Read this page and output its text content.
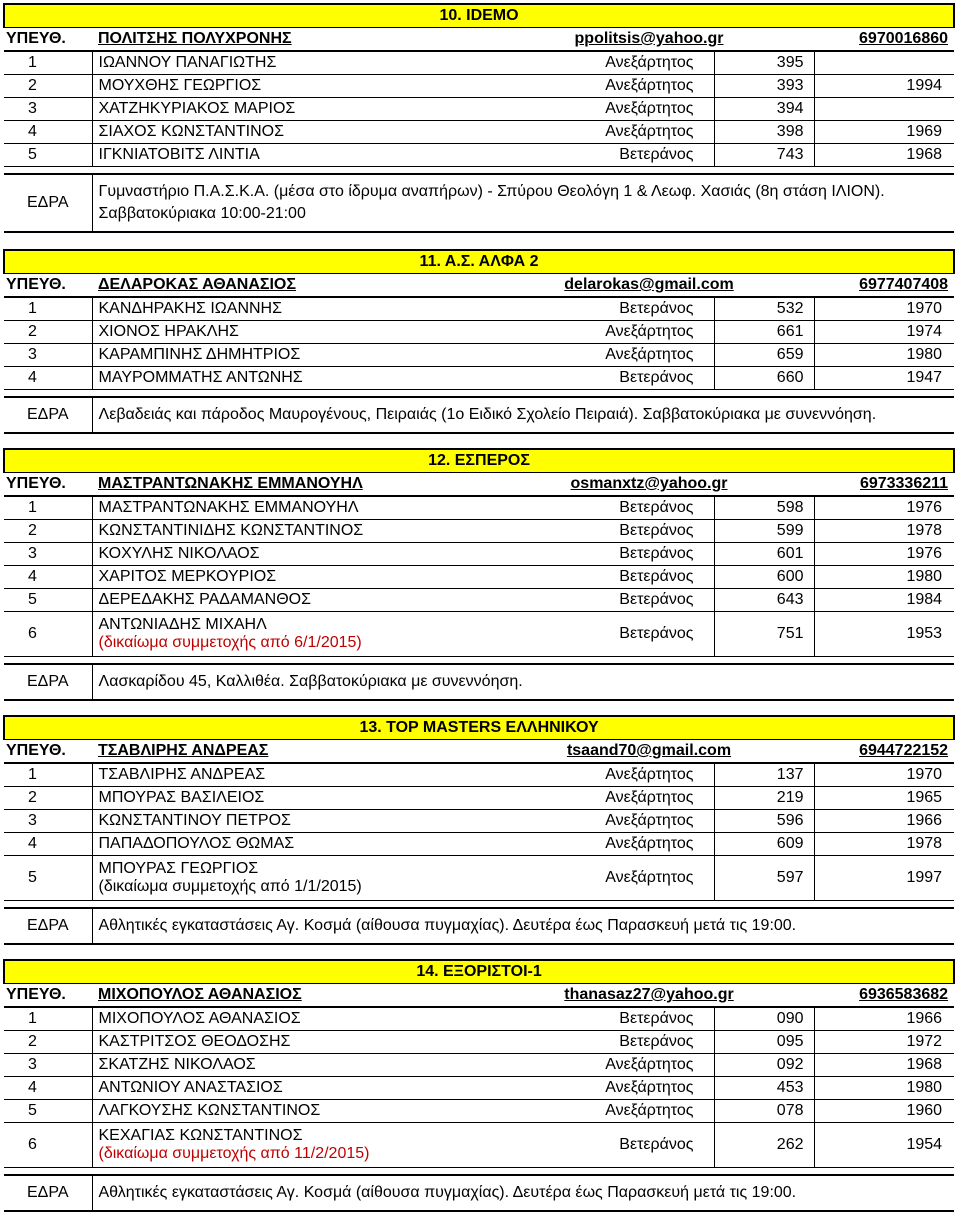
10. IDEMO				
ΥΠΕΥΘ.	ΠΟΛΙΤΣΗΣ ΠΟΛΥΧΡΟΝΗΣ	ppolitsis@yahoo.gr		6970016860
1	ΙΩΑΝΝΟΥ ΠΑΝΑΓΙΩΤΗΣ	Ανεξάρτητος	395	
2	ΜΟΥΧΘΗΣ ΓΕΩΡΓΙΟΣ	Ανεξάρτητος	393	1994
3	ΧΑΤΖΗΚΥΡΙΑΚΟΣ ΜΑΡΙΟΣ	Ανεξάρτητος	394	
4	ΣΙΑΧΟΣ ΚΩΝΣΤΑΝΤΙΝΟΣ	Ανεξάρτητος	398	1969
5	ΙΓΚΝΙΑΤΟΒΙΤΣ ΛΙΝΤΙΑ	Βετεράνος	743	1968

ΕΔΡΑ	Γυμναστήριο Π.Α.Σ.Κ.Α. (μέσα στο ίδρυμα αναπήρων) - Σπύρου Θεολόγη 1 & Λεωφ. Χασιάς (8η στάση ΙΛΙΟΝ). Σαββατοκύριακα 10:00-21:00			
11. Α.Σ. ΑΛΦΑ 2				
ΥΠΕΥΘ.	ΔΕΛΑΡΟΚΑΣ ΑΘΑΝΑΣΙΟΣ	delarokas@gmail.com		6977407408
1	ΚΑΝΔΗΡΑΚΗΣ ΙΩΑΝΝΗΣ	Βετεράνος	532	1970
2	ΧΙΟΝΟΣ ΗΡΑΚΛΗΣ	Ανεξάρτητος	661	1974
3	ΚΑΡΑΜΠΙΝΗΣ ΔΗΜΗΤΡΙΟΣ	Ανεξάρτητος	659	1980
4	ΜΑΥΡΟΜΜΑΤΗΣ ΑΝΤΩΝΗΣ	Βετεράνος	660	1947

ΕΔΡΑ	Λεβαδειάς και πάροδος Μαυρογένους, Πειραιάς (1ο Ειδικό Σχολείο Πειραιά). Σαββατοκύριακα με συνεννόηση.			
12. ΕΣΠΕΡΟΣ				
ΥΠΕΥΘ.	ΜΑΣΤΡΑΝΤΩΝΑΚΗΣ ΕΜΜΑΝΟΥΗΛ	osmanxtz@yahoo.gr		6973336211
1	ΜΑΣΤΡΑΝΤΩΝΑΚΗΣ ΕΜΜΑΝΟΥΗΛ	Βετεράνος	598	1976
2	ΚΩΝΣΤΑΝΤΙΝΙΔΗΣ ΚΩΝΣΤΑΝΤΙΝΟΣ	Βετεράνος	599	1978
3	ΚΟΧΥΛΗΣ ΝΙΚΟΛΑΟΣ	Βετεράνος	601	1976
4	ΧΑΡΙΤΟΣ ΜΕΡΚΟΥΡΙΟΣ	Βετεράνος	600	1980
5	ΔΕΡΕΔΑΚΗΣ ΡΑΔΑΜΑΝΘΟΣ	Βετεράνος	643	1984
6	ΑΝΤΩΝΙΑΔΗΣ ΜΙΧΑΗΛ
(δικαίωμα συμμετοχής από 6/1/2015)	Βετεράνος	751	1953

ΕΔΡΑ	Λασκαρίδου 45, Καλλιθέα. Σαββατοκύριακα με συνεννόηση.			
13. TOP MASTERS ΕΛΛΗΝΙΚΟΥ				
ΥΠΕΥΘ.	ΤΣΑΒΛΙΡΗΣ ΑΝΔΡΕΑΣ	tsaand70@gmail.com		6944722152
1	ΤΣΑΒΛΙΡΗΣ ΑΝΔΡΕΑΣ	Ανεξάρτητος	137	1970
2	ΜΠΟΥΡΑΣ ΒΑΣΙΛΕΙΟΣ	Ανεξάρτητος	219	1965
3	ΚΩΝΣΤΑΝΤΙΝΟΥ ΠΕΤΡΟΣ	Ανεξάρτητος	596	1966
4	ΠΑΠΑΔΟΠΟΥΛΟΣ ΘΩΜΑΣ	Ανεξάρτητος	609	1978
5	ΜΠΟΥΡΑΣ ΓΕΩΡΓΙΟΣ
(δικαίωμα συμμετοχής από 1/1/2015)	Ανεξάρτητος	597	1997

ΕΔΡΑ	Αθλητικές εγκαταστάσεις Αγ. Κοσμά (αίθουσα πυγμαχίας). Δευτέρα έως Παρασκευή μετά τις 19:00.			
14. ΕΞΟΡΙΣΤΟΙ-1				
ΥΠΕΥΘ.	ΜΙΧΟΠΟΥΛΟΣ ΑΘΑΝΑΣΙΟΣ	thanasaz27@yahoo.gr		6936583682
1	ΜΙΧΟΠΟΥΛΟΣ ΑΘΑΝΑΣΙΟΣ	Βετεράνος	090	1966
2	ΚΑΣΤΡΙΤΣΟΣ ΘΕΟΔΟΣΗΣ	Βετεράνος	095	1972
3	ΣΚΑΤΖΗΣ ΝΙΚΟΛΑΟΣ	Ανεξάρτητος	092	1968
4	ΑΝΤΩΝΙΟΥ ΑΝΑΣΤΑΣΙΟΣ	Ανεξάρτητος	453	1980
5	ΛΑΓΚΟΥΣΗΣ ΚΩΝΣΤΑΝΤΙΝΟΣ	Ανεξάρτητος	078	1960
6	ΚΕΧΑΓΙΑΣ ΚΩΝΣΤΑΝΤΙΝΟΣ
(δικαίωμα συμμετοχής από 11/2/2015)	Βετεράνος	262	1954

ΕΔΡΑ	Αθλητικές εγκαταστάσεις Αγ. Κοσμά (αίθουσα πυγμαχίας). Δευτέρα έως Παρασκευή μετά τις 19:00.			
